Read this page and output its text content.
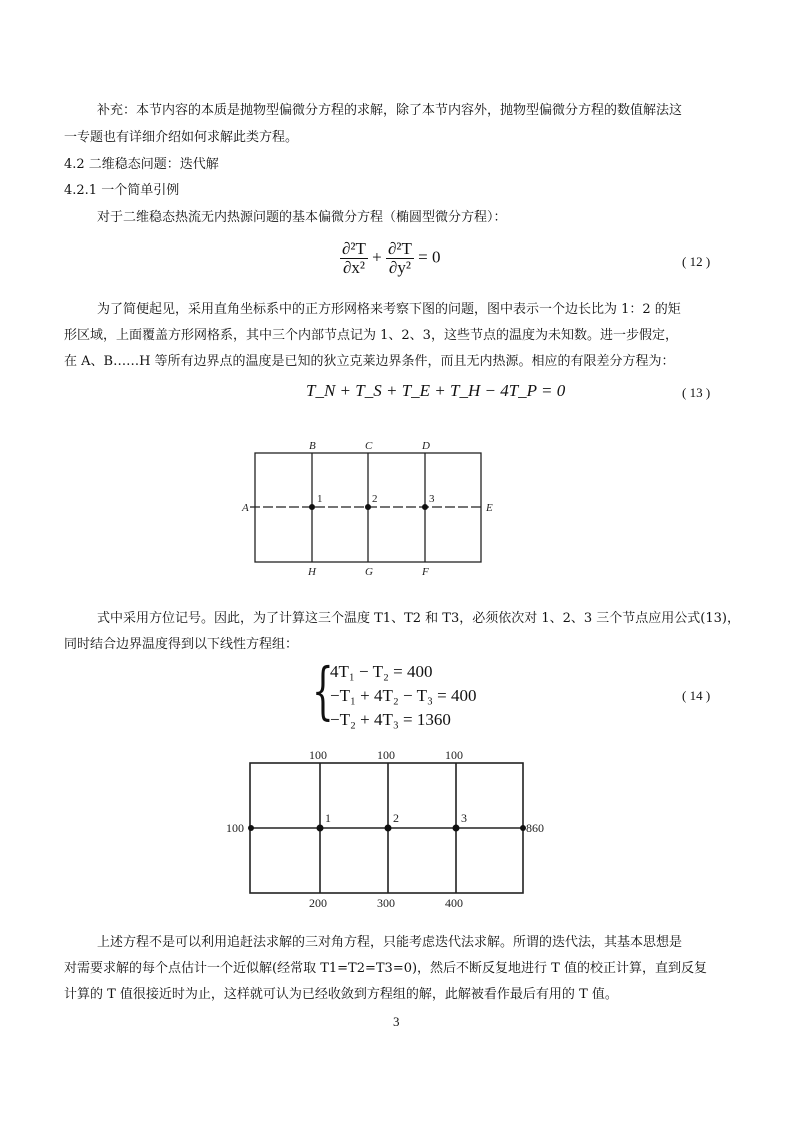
补充：本节内容的本质是抛物型偏微分方程的求解，除了本节内容外，抛物型偏微分方程的数值解法这
一专题也有详细介绍如何求解此类方程。
4.2 二维稳态问题：迭代解
4.2.1 一个简单引例
对于二维稳态热流无内热源问题的基本偏微分方程（椭圆型微分方程）：
$\frac{\text{∂²T}}{\text{∂x²}} + \frac{\text{∂²T}}{\text{∂y²}} = 0$	( 12 )
为了简便起见，采用直角坐标系中的正方形网格来考察下图的问题，图中表示一个边长比为 1：2 的矩
形区域，上面覆盖方形网格系，其中三个内部节点记为 1、2、3，这些节点的温度为未知数。进一步假定，
在 A、B……H 等所有边界点的温度是已知的狄立克莱边界条件，而且无内热源。相应的有限差分方程为：
T_N + T_S + T_E + T_H − 4T_P = 0	( 13 )
B	C	D
H	G	F
A	E
1	2	3
式中采用方位记号。因此，为了计算这三个温度 T1、T2 和 T3，必须依次对 1、2、3 三个节点应用公式(13)，
同时结合边界温度得到以下线性方程组：
{
4T₁ − T₂ = 400
−T₁ + 4T₂ − T₃ = 400
−T₂ + 4T₃ = 1360
( 14 )
100	100	100
200	300	400
100	860
1	2	3
上述方程不是可以利用追赶法求解的三对角方程，只能考虑迭代法求解。所谓的迭代法，其基本思想是
对需要求解的每个点估计一个近似解(经常取 T1=T2=T3=0)，然后不断反复地进行 T 值的校正计算，直到反复
计算的 T 值很接近时为止，这样就可认为已经收敛到方程组的解，此解被看作最后有用的 T 值。
3
